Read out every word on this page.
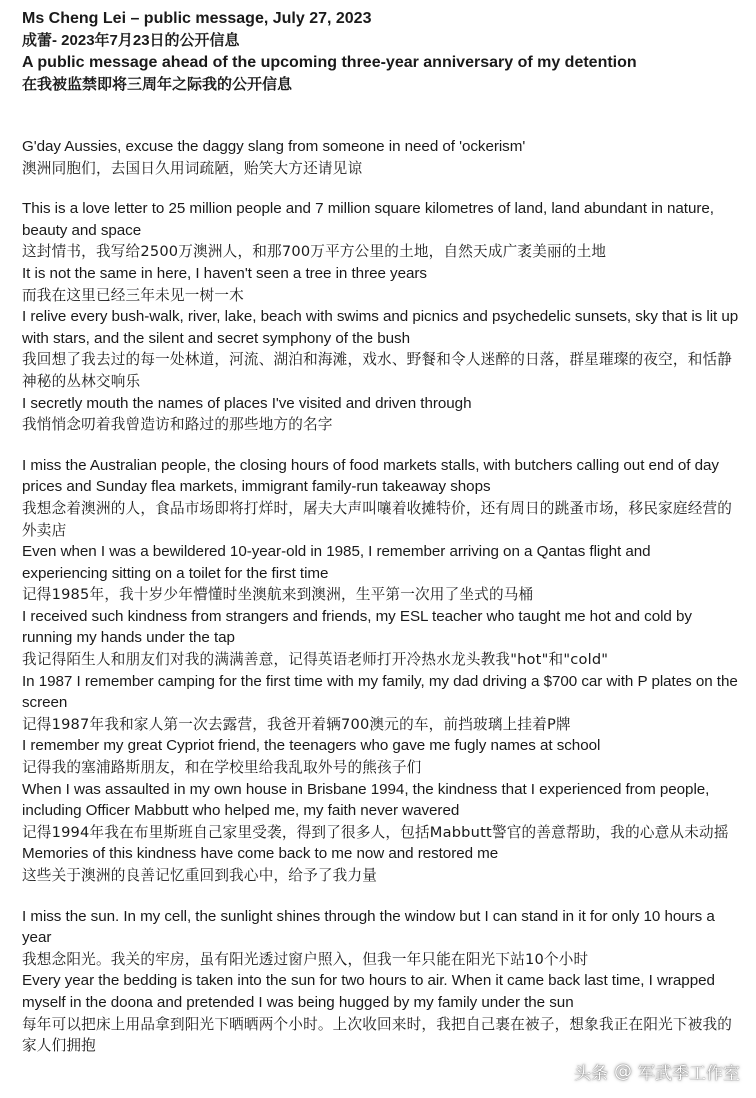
Ms Cheng Lei – public message, July 27, 2023

成蕾- 2023年7月23日的公开信息

A public message ahead of the upcoming three-year anniversary of my detention

在我被监禁即将三周年之际我的公开信息

G'day Aussies, excuse the daggy slang from someone in need of 'ockerism'

澳洲同胞们，去国日久用词疏陋，贻笑大方还请见谅

This is a love letter to 25 million people and 7 million square kilometres of land, land abundant in nature, beauty and space

这封情书，我写给2500万澳洲人，和那700万平方公里的土地，自然天成广袤美丽的土地

It is not the same in here, I haven't seen a tree in three years

而我在这里已经三年未见一树一木

I relive every bush-walk, river, lake, beach with swims and picnics and psychedelic sunsets, sky that is lit up with stars, and the silent and secret symphony of the bush

我回想了我去过的每一处林道，河流、湖泊和海滩，戏水、野餐和令人迷醉的日落，群星璀璨的夜空，和恬静神秘的丛林交响乐

I secretly mouth the names of places I've visited and driven through

我悄悄念叨着我曾造访和路过的那些地方的名字

I miss the Australian people, the closing hours of food markets stalls, with butchers calling out end of day prices and Sunday flea markets, immigrant family-run takeaway shops

我想念着澳洲的人，食品市场即将打烊时，屠夫大声叫嚷着收摊特价，还有周日的跳蚤市场，移民家庭经营的外卖店

Even when I was a bewildered 10-year-old in 1985, I remember arriving on a Qantas flight and experiencing sitting on a toilet for the first time

记得1985年，我十岁少年懵懂时坐澳航来到澳洲，生平第一次用了坐式的马桶

I received such kindness from strangers and friends, my ESL teacher who taught me hot and cold by running my hands under the tap

我记得陌生人和朋友们对我的满满善意，记得英语老师打开冷热水龙头教我"hot"和"cold"

In 1987 I remember camping for the first time with my family, my dad driving a $700 car with P plates on the screen

记得1987年我和家人第一次去露营，我爸开着辆700澳元的车，前挡玻璃上挂着P牌

I remember my great Cypriot friend, the teenagers who gave me fugly names at school

记得我的塞浦路斯朋友，和在学校里给我乱取外号的熊孩子们

When I was assaulted in my own house in Brisbane 1994, the kindness that I experienced from people, including Officer Mabbutt who helped me, my faith never wavered

记得1994年我在布里斯班自己家里受袭，得到了很多人，包括Mabbutt警官的善意帮助，我的心意从未动摇

Memories of this kindness have come back to me now and restored me

这些关于澳洲的良善记忆重回到我心中，给予了我力量

I miss the sun. In my cell, the sunlight shines through the window but I can stand in it for only 10 hours a year

我想念阳光。我关的牢房，虽有阳光透过窗户照入，但我一年只能在阳光下站10个小时

Every year the bedding is taken into the sun for two hours to air. When it came back last time, I wrapped myself in the doona and pretended I was being hugged by my family under the sun

每年可以把床上用品拿到阳光下晒晒两个小时。上次收回来时，我把自己裹在被子，想象我正在阳光下被我的家人们拥抱

头条 @ 军武季工作室
